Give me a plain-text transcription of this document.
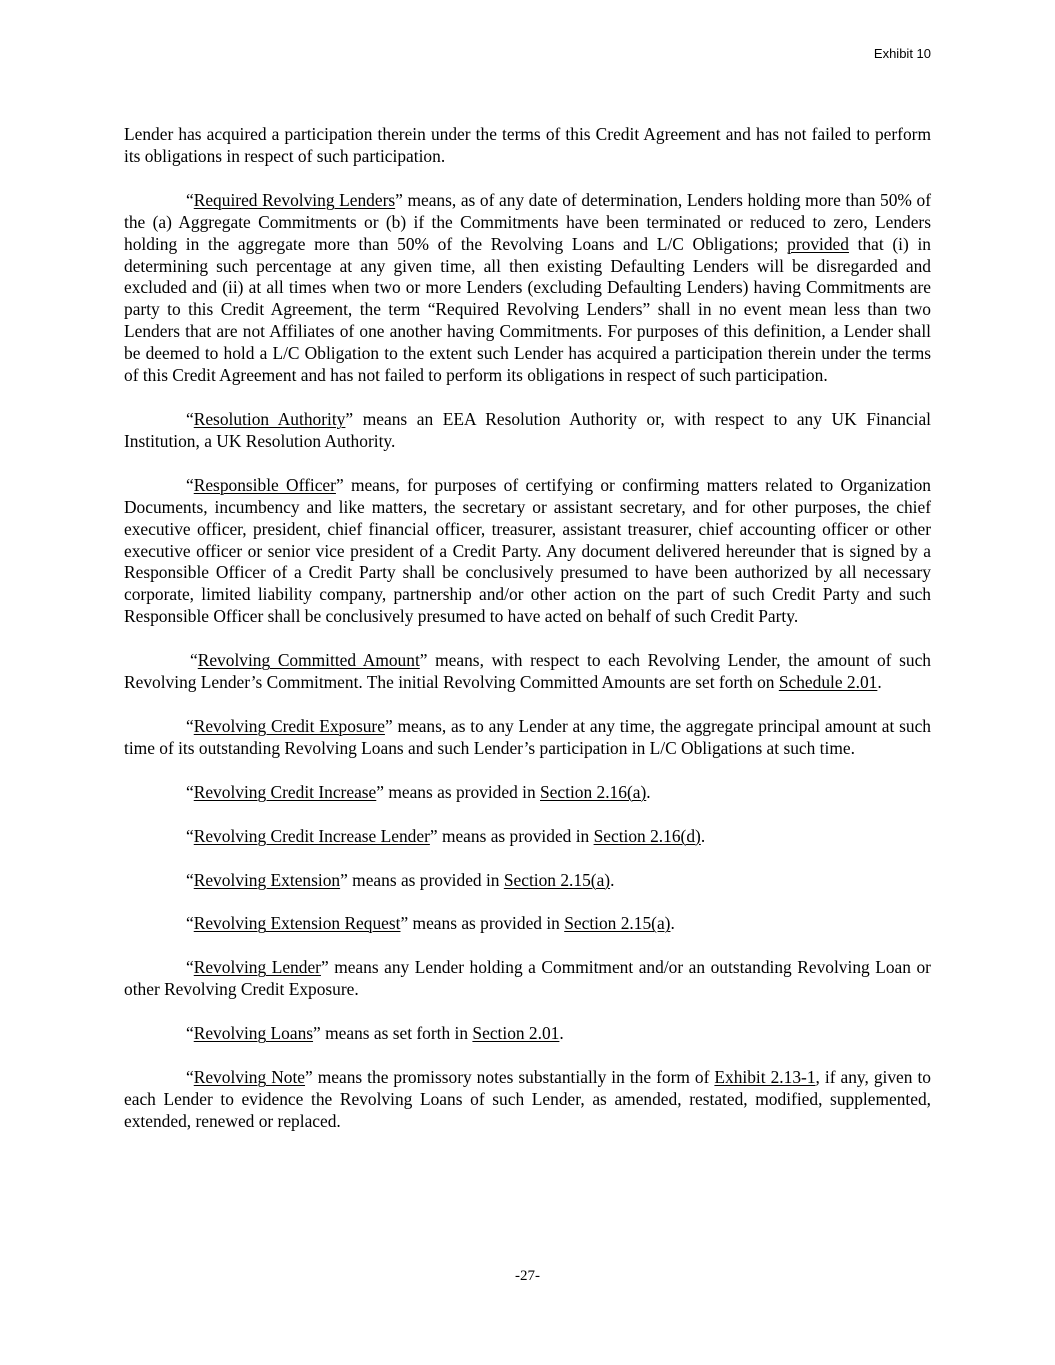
Exhibit 10

Lender has acquired a participation therein under the terms of this Credit Agreement and has not failed to perform its obligations in respect of such participation.

“Required Revolving Lenders” means, as of any date of determination, Lenders holding more than 50% of the (a) Aggregate Commitments or (b) if the Commitments have been terminated or reduced to zero, Lenders holding in the aggregate more than 50% of the Revolving Loans and L/C Obligations; provided that (i) in determining such percentage at any given time, all then existing Defaulting Lenders will be disregarded and excluded and (ii) at all times when two or more Lenders (excluding Defaulting Lenders) having Commitments are party to this Credit Agreement, the term “Required Revolving Lenders” shall in no event mean less than two Lenders that are not Affiliates of one another having Commitments. For purposes of this definition, a Lender shall be deemed to hold a L/C Obligation to the extent such Lender has acquired a participation therein under the terms of this Credit Agreement and has not failed to perform its obligations in respect of such participation.

“Resolution Authority” means an EEA Resolution Authority or, with respect to any UK Financial Institution, a UK Resolution Authority.

“Responsible Officer” means, for purposes of certifying or confirming matters related to Organization Documents, incumbency and like matters, the secretary or assistant secretary, and for other purposes, the chief executive officer, president, chief financial officer, treasurer, assistant treasurer, chief accounting officer or other executive officer or senior vice president of a Credit Party. Any document delivered hereunder that is signed by a Responsible Officer of a Credit Party shall be conclusively presumed to have been authorized by all necessary corporate, limited liability company, partnership and/or other action on the part of such Credit Party and such Responsible Officer shall be conclusively presumed to have acted on behalf of such Credit Party.

“Revolving Committed Amount” means, with respect to each Revolving Lender, the amount of such Revolving Lender’s Commitment. The initial Revolving Committed Amounts are set forth on Schedule 2.01.

“Revolving Credit Exposure” means, as to any Lender at any time, the aggregate principal amount at such time of its outstanding Revolving Loans and such Lender’s participation in L/C Obligations at such time.

“Revolving Credit Increase” means as provided in Section 2.16(a).

“Revolving Credit Increase Lender” means as provided in Section 2.16(d).

“Revolving Extension” means as provided in Section 2.15(a).

“Revolving Extension Request” means as provided in Section 2.15(a).

“Revolving Lender” means any Lender holding a Commitment and/or an outstanding Revolving Loan or other Revolving Credit Exposure.

“Revolving Loans” means as set forth in Section 2.01.

“Revolving Note” means the promissory notes substantially in the form of Exhibit 2.13-1, if any, given to each Lender to evidence the Revolving Loans of such Lender, as amended, restated, modified, supplemented, extended, renewed or replaced.

-27-
